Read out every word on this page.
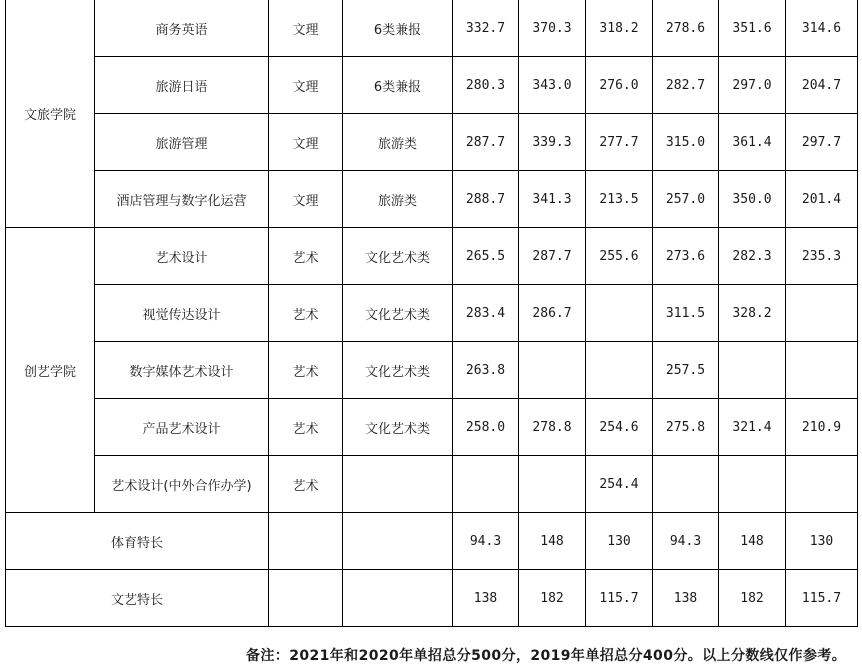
文旅学院	商务英语	文理	6类兼报	332.7	370.3	318.2	278.6	351.6	314.6
	旅游日语	文理	6类兼报	280.3	343.0	276.0	282.7	297.0	204.7
	旅游管理	文理	旅游类	287.7	339.3	277.7	315.0	361.4	297.7
	酒店管理与数字化运营	文理	旅游类	288.7	341.3	213.5	257.0	350.0	201.4
创艺学院	艺术设计	艺术	文化艺术类	265.5	287.7	255.6	273.6	282.3	235.3
	视觉传达设计	艺术	文化艺术类	283.4	286.7		311.5	328.2	
	数字媒体艺术设计	艺术	文化艺术类	263.8			257.5		
	产品艺术设计	艺术	文化艺术类	258.0	278.8	254.6	275.8	321.4	210.9
	艺术设计(中外合作办学)	艺术				254.4			
体育特长				94.3	148	130	94.3	148	130
文艺特长				138	182	115.7	138	182	115.7
备注：2021年和2020年单招总分500分，2019年单招总分400分。以上分数线仅作参考。
